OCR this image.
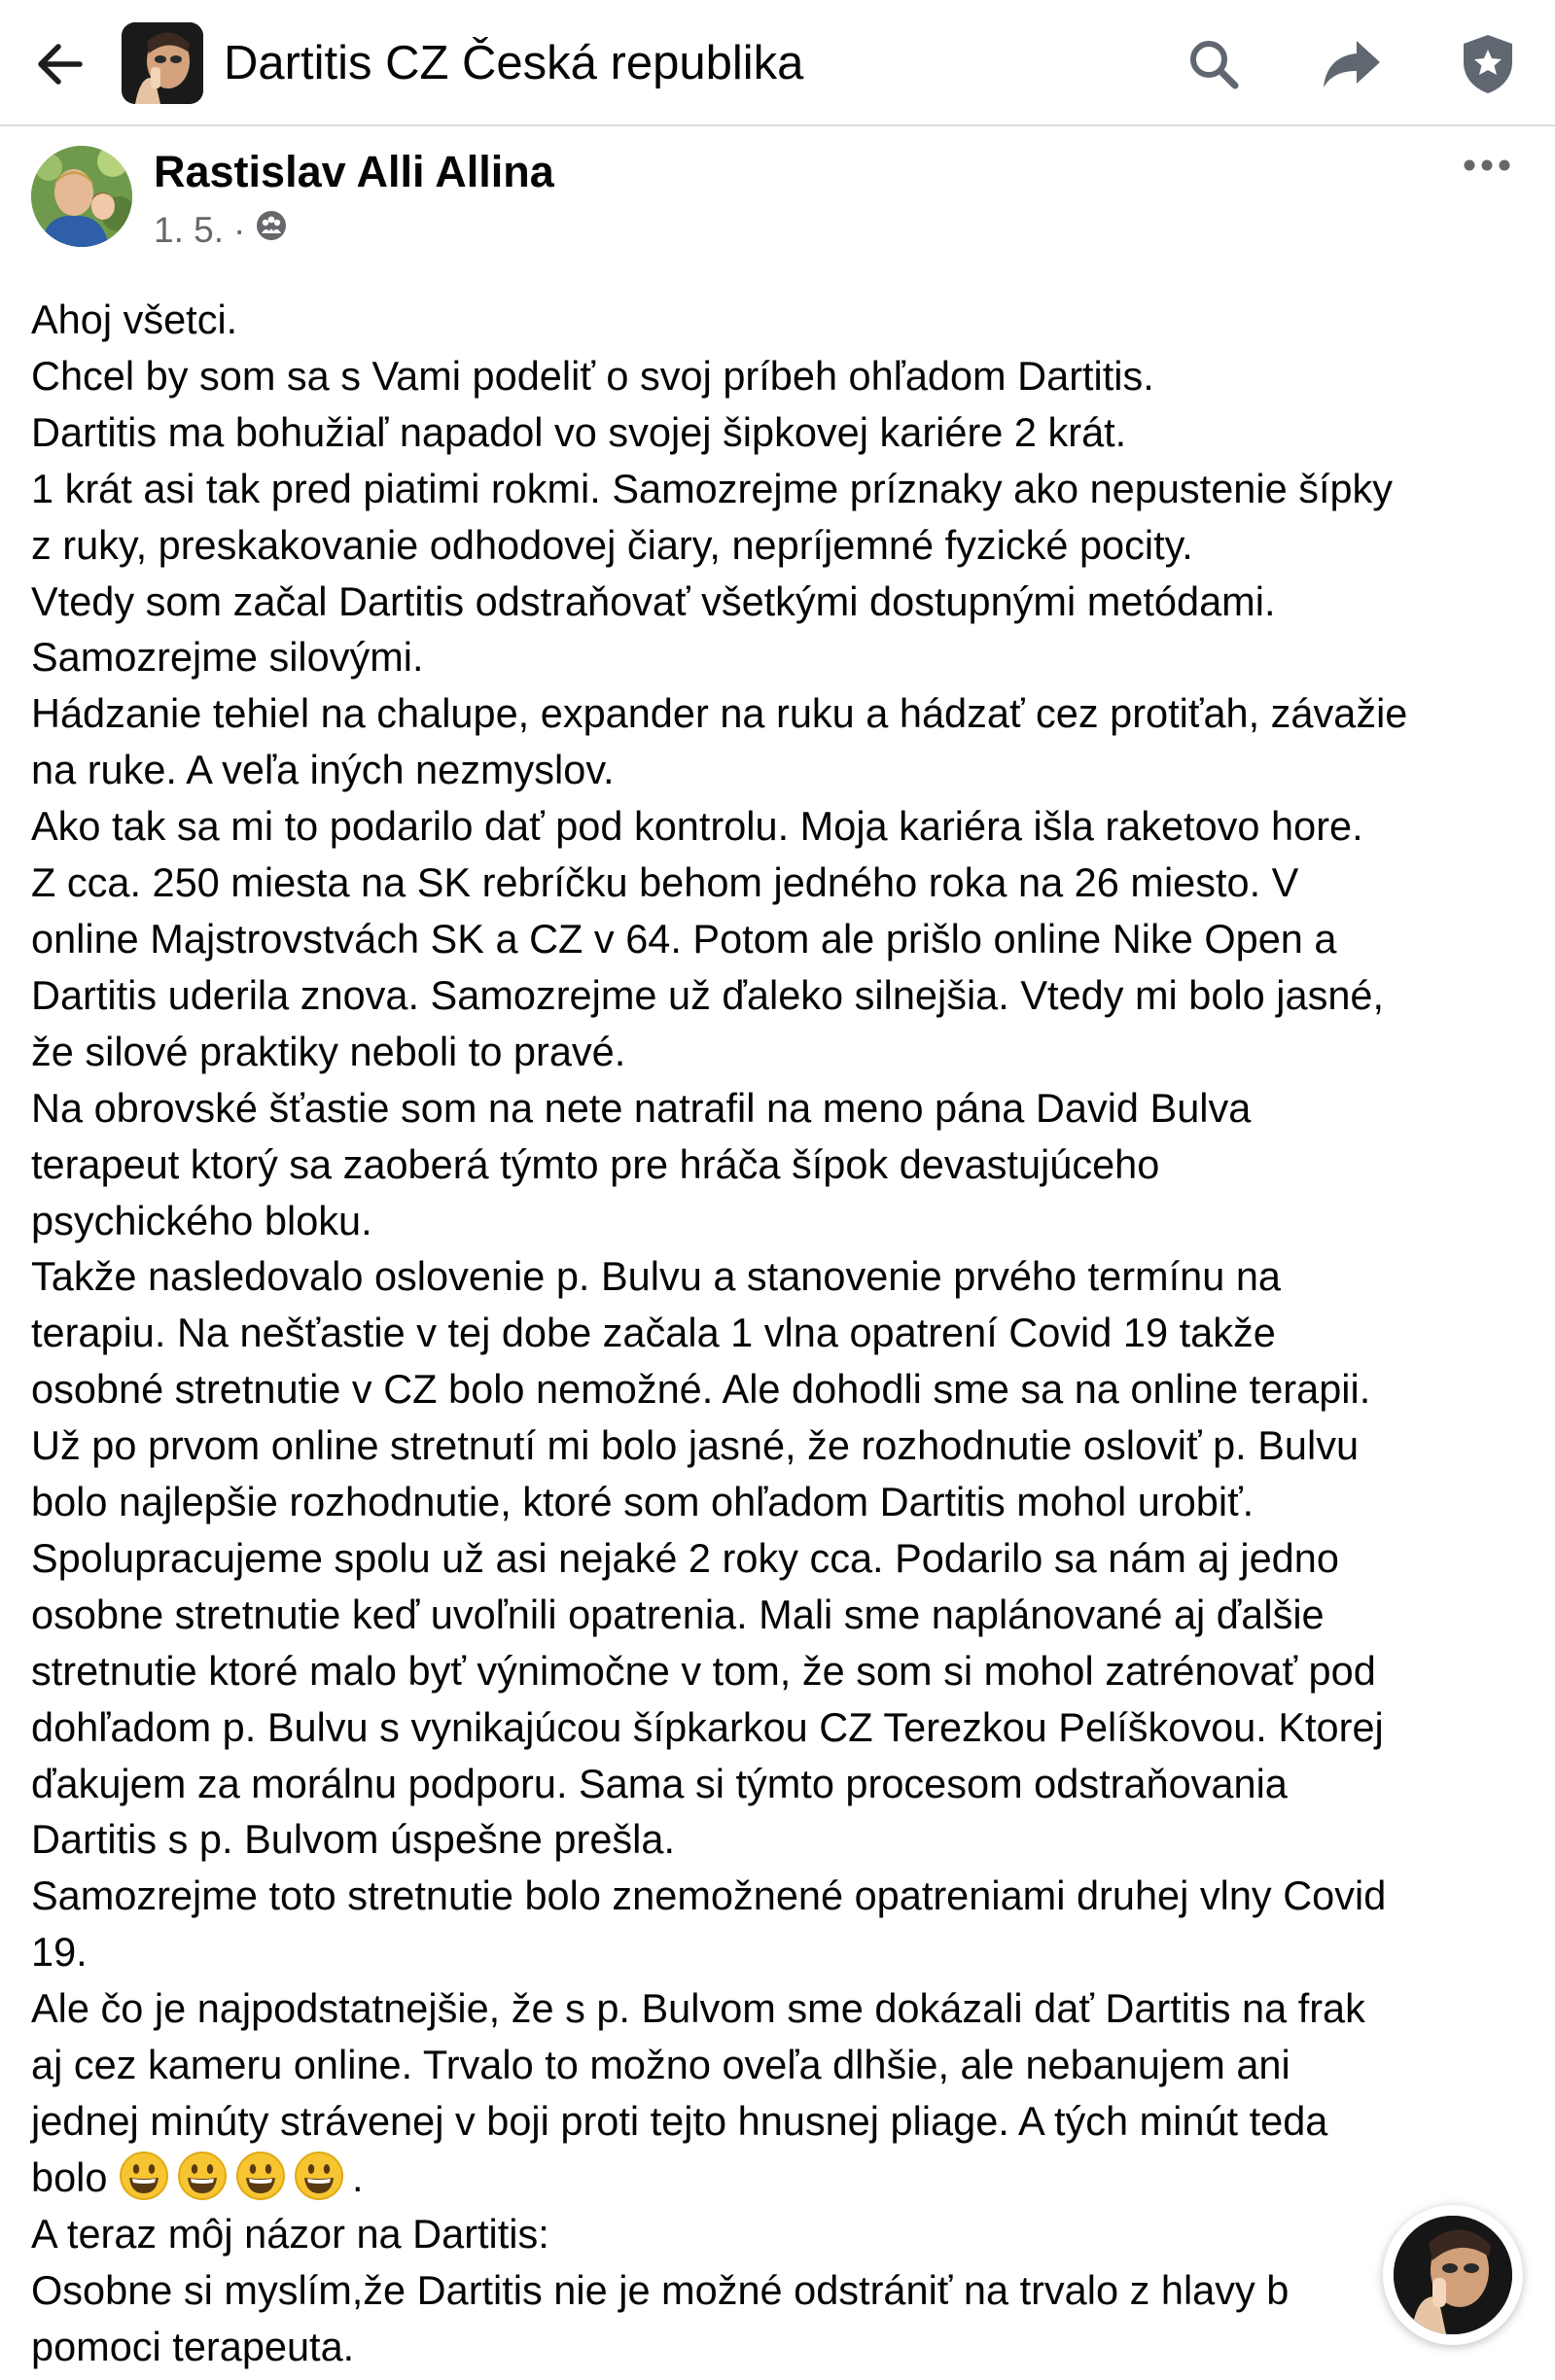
Dartitis CZ Česká republika
Rastislav Alli Allina
1. 5. ·

Ahoj všetci.

Chcel by som sa s Vami podeliť o svoj príbeh ohľadom Dartitis.

Dartitis ma bohužiaľ napadol vo svojej šipkovej kariére 2 krát.

1 krát asi tak pred piatimi rokmi. Samozrejme príznaky ako nepustenie šípky

z ruky, preskakovanie odhodovej čiary, nepríjemné fyzické pocity.

Vtedy som začal Dartitis odstraňovať všetkými dostupnými metódami.

Samozrejme silovými.

Hádzanie tehiel na chalupe, expander na ruku a hádzať cez protiťah, závažie

na ruke. A veľa iných nezmyslov.

Ako tak sa mi to podarilo dať pod kontrolu. Moja kariéra išla raketovo hore.

Z cca. 250 miesta na SK rebríčku behom jedného roka na 26 miesto. V

online Majstrovstvách SK a CZ v 64. Potom ale prišlo online Nike Open a

Dartitis uderila znova. Samozrejme už ďaleko silnejšia. Vtedy mi bolo jasné,

že silové praktiky neboli to pravé.

Na obrovské šťastie som na nete natrafil na meno pána David Bulva

terapeut ktorý sa zaoberá týmto pre hráča šípok devastujúceho

psychického bloku.

Takže nasledovalo oslovenie p. Bulvu a stanovenie prvého termínu na

terapiu. Na nešťastie v tej dobe začala 1 vlna opatrení Covid 19 takže

osobné stretnutie v CZ bolo nemožné. Ale dohodli sme sa na online terapii.

Už po prvom online stretnutí mi bolo jasné, že rozhodnutie osloviť p. Bulvu

bolo najlepšie rozhodnutie, ktoré som ohľadom Dartitis mohol urobiť.

Spolupracujeme spolu už asi nejaké 2 roky cca. Podarilo sa nám aj jedno

osobne stretnutie keď uvoľnili opatrenia. Mali sme naplánované aj ďalšie

stretnutie ktoré malo byť výnimočne v tom, že som si mohol zatrénovať pod

dohľadom p. Bulvu s vynikajúcou šípkarkou CZ Terezkou Pelíškovou. Ktorej

ďakujem za morálnu podporu. Sama si týmto procesom odstraňovania

Dartitis s p. Bulvom úspešne prešla.

Samozrejme toto stretnutie bolo znemožnené opatreniami druhej vlny Covid

19.

Ale čo je najpodstatnejšie, že s p. Bulvom sme dokázali dať Dartitis na frak

aj cez kameru online. Trvalo to možno oveľa dlhšie, ale nebanujem ani

jednej minúty strávenej v boji proti tejto hnusnej pliage. A tých minút teda

bolo	.

A teraz môj názor na Dartitis:

Osobne si myslím,že Dartitis nie je možné odstrániť na trvalo z hlavy b

pomoci terapeuta.
